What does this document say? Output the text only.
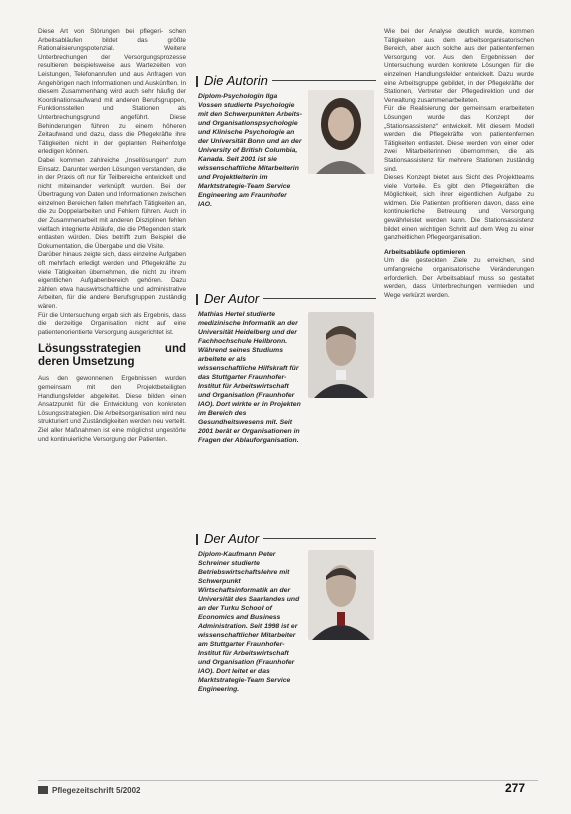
Diese Art von Störungen bei pflegeri- schen Arbeitsabläufen bildet das größte Rationalisierungspotenzial. Weitere Unterbrechungen der Versorgungsprozesse resultieren beispielsweise aus Wartezeiten von Leistungen, Telefonanrufen und aus Anfragen von Angehörigen nach Informationen und Auskünften. In diesem Zusammenhang wird auch sehr häufig der Koordinationsaufwand mit anderen Berufsgruppen, Funktionsstellen und Stationen als Unterbrechungsgrund angeführt. Diese Behinderungen führen zu einem höheren Zeitaufwand und dazu, dass die Pflegekräfte ihre Tätigkeiten nicht in der geplanten Reihenfolge erledigen können.

Dabei kommen zahlreiche „Insellösungen“ zum Einsatz. Darunter werden Lösungen verstanden, die in der Praxis oft nur für Teilbereiche entwickelt und nicht miteinander verknüpft wurden. Bei der Übertragung von Daten und Informationen zwischen einzelnen Bereichen fallen mehrfach Tätigkeiten an, die zu Doppelarbeiten und Fehlern führen. Auch in der Zusammenarbeit mit anderen Disziplinen fehlen vielfach integrierte Abläufe, die die Pflegenden stark entlasten würden. Dies betrifft zum Beispiel die Dokumentation, die Übergabe und die Visite.

Darüber hinaus zeigte sich, dass einzelne Aufgaben oft mehrfach erledigt werden und Pflegekräfte zu viele Tätigkeiten übernehmen, die nicht zu ihrem eigentlichen Aufgabenbereich gehören. Dazu zählen etwa hauswirtschaftliche und administrative Arbeiten, für die andere Berufsgruppen zuständig wären.

Für die Untersuchung ergab sich als Ergebnis, dass die derzeitige Organisation nicht auf eine patientenorientierte Versorgung ausgerichtet ist.

Lösungsstrategien und deren Umsetzung

Aus den gewonnenen Ergebnissen wurden gemeinsam mit den Projektbeteiligten Handlungsfelder abgeleitet. Diese bilden einen Ansatzpunkt für die Entwicklung von konkreten Lösungsstrategien. Die Arbeitsorganisation wird neu strukturiert und Zuständigkeiten werden neu verteilt. Ziel aller Maßnahmen ist eine möglichst ungestörte und kontinuierliche Versorgung der Patienten.

Die Autorin
Diplom-Psychologin Ilga Vossen studierte Psychologie mit den Schwerpunkten Arbeits- und Organisationspsychologie und Klinische Psychologie an der Universität Bonn und an der University of British Columbia, Kanada. Seit 2001 ist sie wissenschaftliche Mitarbeiterin und Projektleiterin im Marktstrategie-Team Service Engineering am Fraunhofer IAO.
Der Autor
Mathias Hertel studierte medizinische Informatik an der Universität Heidelberg und der Fachhochschule Heilbronn. Während seines Studiums arbeitete er als wissenschaftliche Hilfskraft für das Stuttgarter Fraunhofer-Institut für Arbeitswirtschaft und Organisation (Fraunhofer IAO). Dort wirkte er in Projekten im Bereich des Gesundheitswesens mit. Seit 2001 berät er Organisationen in Fragen der Ablauforganisation.
Der Autor
Diplom-Kaufmann Peter Schreiner studierte Betriebswirtschaftslehre mit Schwerpunkt Wirtschaftsinformatik an der Universität des Saarlandes und an der Turku School of Economics and Business Administration. Seit 1998 ist er wissenschaftlicher Mitarbeiter am Stuttgarter Fraunhofer-Institut für Arbeitswirtschaft und Organisation (Fraunhofer IAO). Dort leitet er das Marktstrategie-Team Service Engineering.

Wie bei der Analyse deutlich wurde, kommen Tätigkeiten aus dem arbeitsorganisatorischen Bereich, aber auch solche aus der patientenfernen Versorgung vor. Aus den Ergebnissen der Untersuchung wurden konkrete Lösungen für die einzelnen Handlungsfelder entwickelt. Dazu wurde eine Arbeitsgruppe gebildet, in der Pflegekräfte der Stationen, Vertreter der Pflegedirektion und der Verwaltung zusammenarbeiteten.

Für die Realisierung der gemeinsam erarbeiteten Lösungen wurde das Konzept der „Stationsassistenz“ entwickelt. Mit diesem Modell werden die Pflegekräfte von patientenfernen Tätigkeiten entlastet. Diese werden von einer oder zwei Mitarbeiterinnen übernommen, die als Stationsassistenz für mehrere Stationen zuständig sind.

Dieses Konzept bietet aus Sicht des Projektteams viele Vorteile. Es gibt den Pflegekräften die Möglichkeit, sich ihrer eigentlichen Aufgabe zu widmen. Die Patienten profitieren davon, dass eine kontinuierliche Betreuung und Versorgung gewährleistet werden kann. Die Stationsassistenz bildet einen wichtigen Schritt auf dem Weg zu einer ganzheitlichen Pflegeorganisation.

Arbeitsabläufe optimieren

Um die gesteckten Ziele zu erreichen, sind umfangreiche organisatorische Veränderungen erforderlich. Der Arbeitsablauf muss so gestaltet werden, dass Unterbrechungen vermieden und Wege verkürzt werden.

Pflegezeitschrift 5/2002	277
